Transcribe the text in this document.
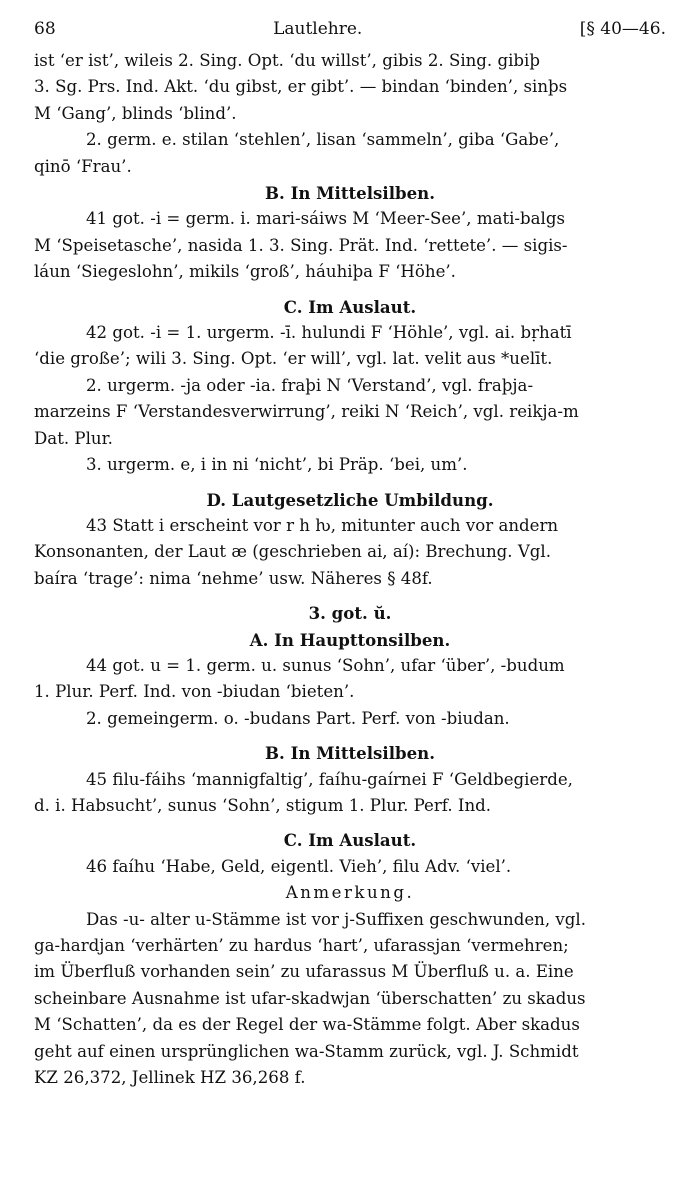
68	Lautlehre.	[§ 40—46.

ist ‘er ist’, wileis 2. Sing. Opt. ‘du willst’, gibis 2. Sing. gibiþ

3. Sg. Prs. Ind. Akt. ‘du gibst, er gibt’. — bindan ‘binden’, sinþs

M ‘Gang’, blinds ‘blind’.

2. germ. e. stilan ‘stehlen’, lisan ‘sammeln’, giba ‘Gabe’,

qinō ‘Frau’.

B. In Mittelsilben.

41 got. -i = germ. i. mari-sáiws M ‘Meer-See’, mati-balgs

M ‘Speisetasche’, nasida 1. 3. Sing. Prät. Ind. ‘rettete’. — sigis-

láun ‘Siegeslohn’, mikils ‘groß’, háuhiþa F ‘Höhe’.

C. Im Auslaut.

42 got. -i = 1. urgerm. -ī. hulundi F ‘Höhle’, vgl. ai. bṛhatī

‘die große’; wili 3. Sing. Opt. ‘er will’, vgl. lat. velit aus *uelīt.

2. urgerm. -ja oder -ia. fraþi N ‘Verstand’, vgl. fraþja-

marzeins F ‘Verstandesverwirrung’, reiki N ‘Reich’, vgl. reikja-m

Dat. Plur.

3. urgerm. e, i in ni ‘nicht’, bi Präp. ‘bei, um’.

D. Lautgesetzliche Umbildung.

43 Statt i erscheint vor r h ƕ, mitunter auch vor andern

Konsonanten, der Laut æ (geschrieben ai, aí): Brechung. Vgl.

baíra ‘trage’: nima ‘nehme’ usw. Näheres § 48f.

3. got. ŭ.

A. In Haupttonsilben.

44 got. u = 1. germ. u. sunus ‘Sohn’, ufar ‘über’, -budum

1. Plur. Perf. Ind. von -biudan ‘bieten’.

2. gemeingerm. o. -budans Part. Perf. von -biudan.

B. In Mittelsilben.

45 filu-fáihs ‘mannigfaltig’, faíhu-gaírnei F ‘Geldbegierde,

d. i. Habsucht’, sunus ‘Sohn’, stigum 1. Plur. Perf. Ind.

C. Im Auslaut.

46 faíhu ‘Habe, Geld, eigentl. Vieh’, filu Adv. ‘viel’.

Anmerkung.

Das -u- alter u-Stämme ist vor j-Suffixen geschwunden, vgl.

ga-hardjan ‘verhärten’ zu hardus ‘hart’, ufarassjan ‘vermehren;

im Überfluß vorhanden sein’ zu ufarassus M Überfluß u. a. Eine

scheinbare Ausnahme ist ufar-skadwjan ‘überschatten’ zu skadus

M ‘Schatten’, da es der Regel der wa-Stämme folgt. Aber skadus

geht auf einen ursprünglichen wa-Stamm zurück, vgl. J. Schmidt

KZ 26,372, Jellinek HZ 36,268 f.
